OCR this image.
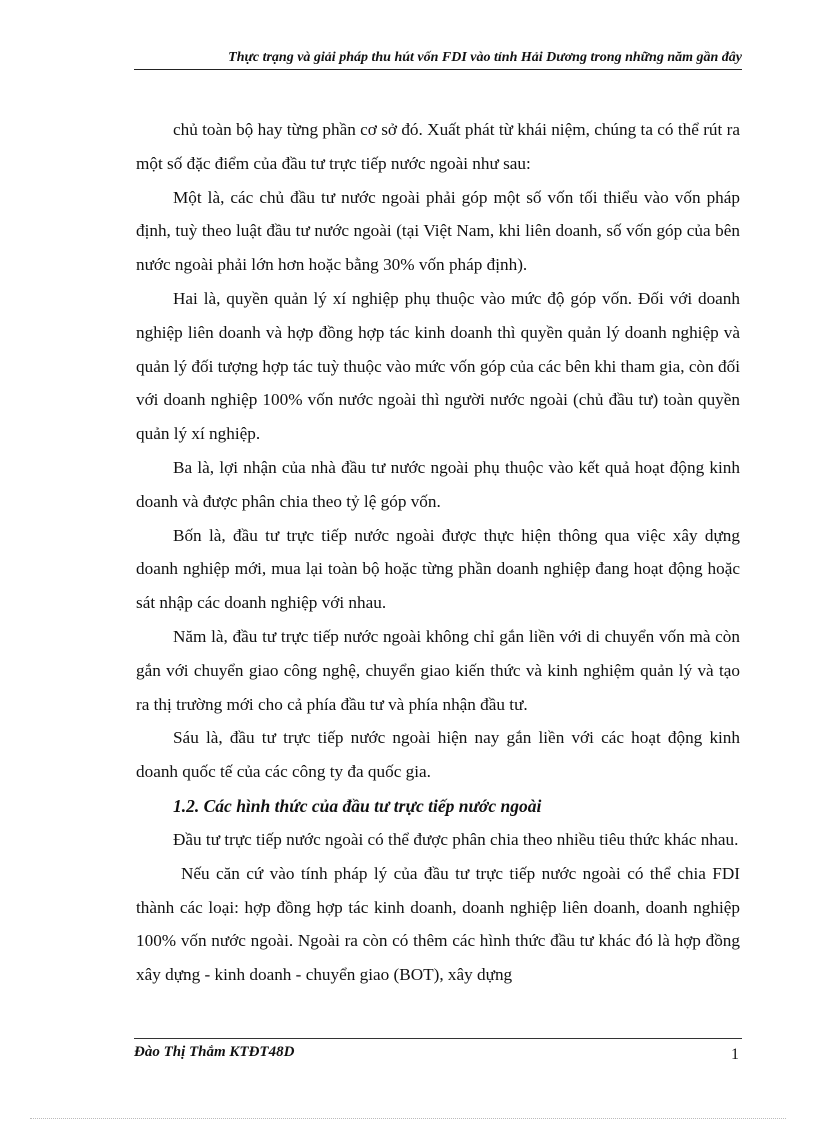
Thực trạng và giải pháp thu hút vốn FDI vào tỉnh Hải Dương trong những năm gần đây

chủ toàn bộ hay từng phần cơ sở đó. Xuất phát từ khái niệm, chúng ta có thể rút ra một số đặc điểm của đầu tư trực tiếp nước ngoài như sau:

Một là, các chủ đầu tư nước ngoài phải góp một số vốn tối thiểu vào vốn pháp định, tuỳ theo luật đầu tư nước ngoài (tại Việt Nam, khi liên doanh, số vốn góp của bên nước ngoài phải lớn hơn hoặc bằng 30% vốn pháp định).

Hai là, quyền quản lý xí nghiệp phụ thuộc vào mức độ góp vốn. Đối với doanh nghiệp liên doanh và hợp đồng hợp tác kinh doanh thì quyền quản lý doanh nghiệp và quản lý đối tượng hợp tác tuỳ thuộc vào mức vốn góp của các bên khi tham gia, còn đối với doanh nghiệp 100% vốn nước ngoài thì người nước ngoài (chủ đầu tư) toàn quyền quản lý xí nghiệp.

Ba là, lợi nhận của nhà đầu tư nước ngoài phụ thuộc vào kết quả hoạt động kinh doanh và được phân chia theo tỷ lệ góp vốn.

Bốn là, đầu tư trực tiếp nước ngoài được thực hiện thông qua việc xây dựng doanh nghiệp mới, mua lại toàn bộ hoặc từng phần doanh nghiệp đang hoạt động hoặc sát nhập các doanh nghiệp với nhau.

Năm là, đầu tư trực tiếp nước ngoài không chỉ gắn liền với di chuyển vốn mà còn gắn với chuyển giao công nghệ, chuyển giao kiến thức và kinh nghiệm quản lý và tạo ra thị trường mới cho cả phía đầu tư và phía nhận đầu tư.

Sáu là, đầu tư trực tiếp nước ngoài hiện nay gắn liền với các hoạt động kinh doanh quốc tế của các công ty đa quốc gia.

1.2. Các hình thức của đầu tư trực tiếp nước ngoài

Đầu tư trực tiếp nước ngoài có thể được phân chia theo nhiều tiêu thức khác nhau.

Nếu căn cứ vào tính pháp lý của đầu tư trực tiếp nước ngoài có thể chia FDI thành các loại: hợp đồng hợp tác kinh doanh, doanh nghiệp liên doanh, doanh nghiệp 100% vốn nước ngoài. Ngoài ra còn có thêm các hình thức đầu tư khác đó là hợp đồng xây dựng - kinh doanh - chuyển giao (BOT), xây dựng

Đào Thị Thắm KTĐT48D	1
